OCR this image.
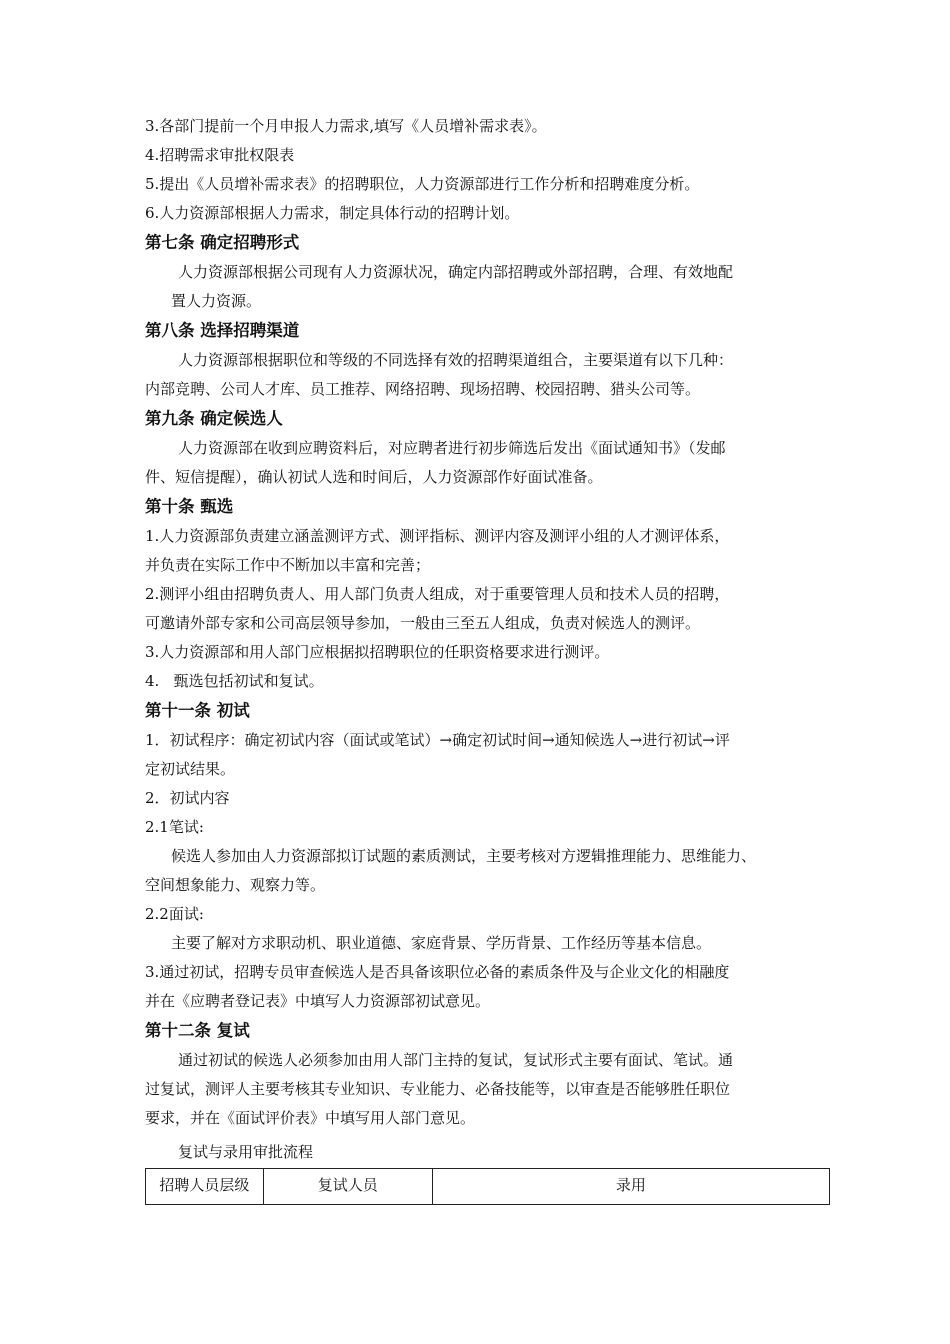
3.各部门提前一个月申报人力需求,填写《人员增补需求表》。

4.招聘需求审批权限表

5.提出《人员增补需求表》的招聘职位，人力资源部进行工作分析和招聘难度分析。

6.人力资源部根据人力需求，制定具体行动的招聘计划。

第七条 确定招聘形式

人力资源部根据公司现有人力资源状况，确定内部招聘或外部招聘，合理、有效地配

置人力资源。

第八条 选择招聘渠道

人力资源部根据职位和等级的不同选择有效的招聘渠道组合，主要渠道有以下几种：

内部竞聘、公司人才库、员工推荐、网络招聘、现场招聘、校园招聘、猎头公司等。

第九条 确定候选人

人力资源部在收到应聘资料后，对应聘者进行初步筛选后发出《面试通知书》（发邮

件、短信提醒），确认初试人选和时间后，人力资源部作好面试准备。

第十条 甄选

1.人力资源部负责建立涵盖测评方式、测评指标、测评内容及测评小组的人才测评体系，

并负责在实际工作中不断加以丰富和完善；

2.测评小组由招聘负责人、用人部门负责人组成，对于重要管理人员和技术人员的招聘，

可邀请外部专家和公司高层领导参加，一般由三至五人组成，负责对候选人的测评。

3.人力资源部和用人部门应根据拟招聘职位的任职资格要求进行测评。

4.   甄选包括初试和复试。

第十一条 初试

1．初试程序：确定初试内容（面试或笔试）→确定初试时间→通知候选人→进行初试→评

定初试结果。

2．初试内容

2.1笔试:

候选人参加由人力资源部拟订试题的素质测试，主要考核对方逻辑推理能力、思维能力、

空间想象能力、观察力等。

2.2面试:

主要了解对方求职动机、职业道德、家庭背景、学历背景、工作经历等基本信息。

3.通过初试，招聘专员审查候选人是否具备该职位必备的素质条件及与企业文化的相融度

并在《应聘者登记表》中填写人力资源部初试意见。

第十二条 复试

通过初试的候选人必须参加由用人部门主持的复试，复试形式主要有面试、笔试。通

过复试，测评人主要考核其专业知识、专业能力、必备技能等，以审查是否能够胜任职位

要求，并在《面试评价表》中填写用人部门意见。

复试与录用审批流程

招聘人员层级	复试人员	录用
